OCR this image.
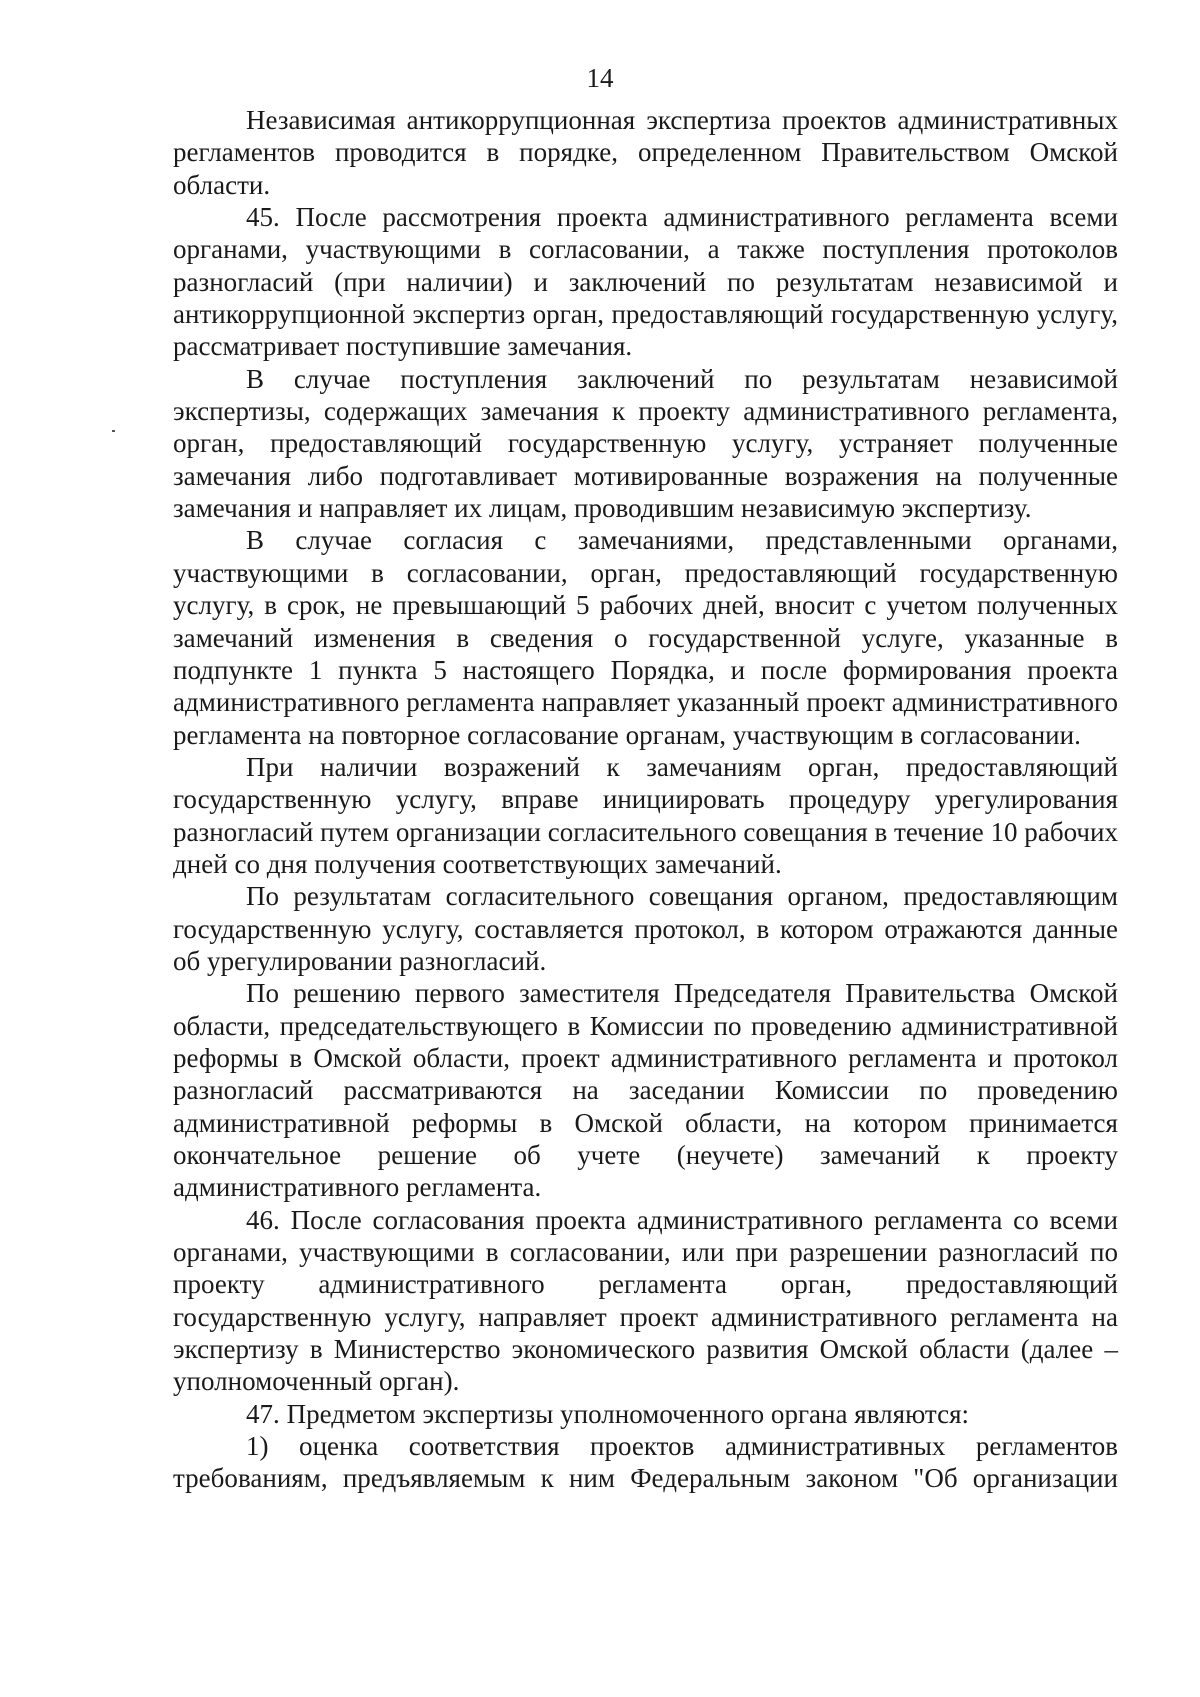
14

Независимая антикоррупционная экспертиза проектов административных регламентов проводится в порядке, определенном Правительством Омской области.

45. После рассмотрения проекта административного регламента всеми органами, участвующими в согласовании, а также поступления протоколов разногласий (при наличии) и заключений по результатам независимой и антикоррупционной экспертиз орган, предоставляющий государственную услугу, рассматривает поступившие замечания.

В случае поступления заключений по результатам независимой экспертизы, содержащих замечания к проекту административного регламента, орган, предоставляющий государственную услугу, устраняет полученные замечания либо подготавливает мотивированные возражения на полученные замечания и направляет их лицам, проводившим независимую экспертизу.

В случае согласия с замечаниями, представленными органами, участвующими в согласовании, орган, предоставляющий государственную услугу, в срок, не превышающий 5 рабочих дней, вносит с учетом полученных замечаний изменения в сведения о государственной услуге, указанные в подпункте 1 пункта 5 настоящего Порядка, и после формирования проекта административного регламента направляет указанный проект административного регламента на повторное согласование органам, участвующим в согласовании.

При наличии возражений к замечаниям орган, предоставляющий государственную услугу, вправе инициировать процедуру урегулирования разногласий путем организации согласительного совещания в течение 10 рабочих дней со дня получения соответствующих замечаний.

По результатам согласительного совещания органом, предоставляющим государственную услугу, составляется протокол, в котором отражаются данные об урегулировании разногласий.

По решению первого заместителя Председателя Правительства Омской области, председательствующего в Комиссии по проведению административной реформы в Омской области, проект административного регламента и протокол разногласий рассматриваются на заседании Комиссии по проведению административной реформы в Омской области, на котором принимается окончательное решение об учете (неучете) замечаний к проекту административного регламента.

46. После согласования проекта административного регламента со всеми органами, участвующими в согласовании, или при разрешении разногласий по проекту административного регламента орган, предоставляющий государственную услугу, направляет проект административного регламента на экспертизу в Министерство экономического развития Омской области (далее – уполномоченный орган).

47. Предметом экспертизы уполномоченного органа являются:

1) оценка соответствия проектов административных регламентов требованиям, предъявляемым к ним Федеральным законом "Об организации
